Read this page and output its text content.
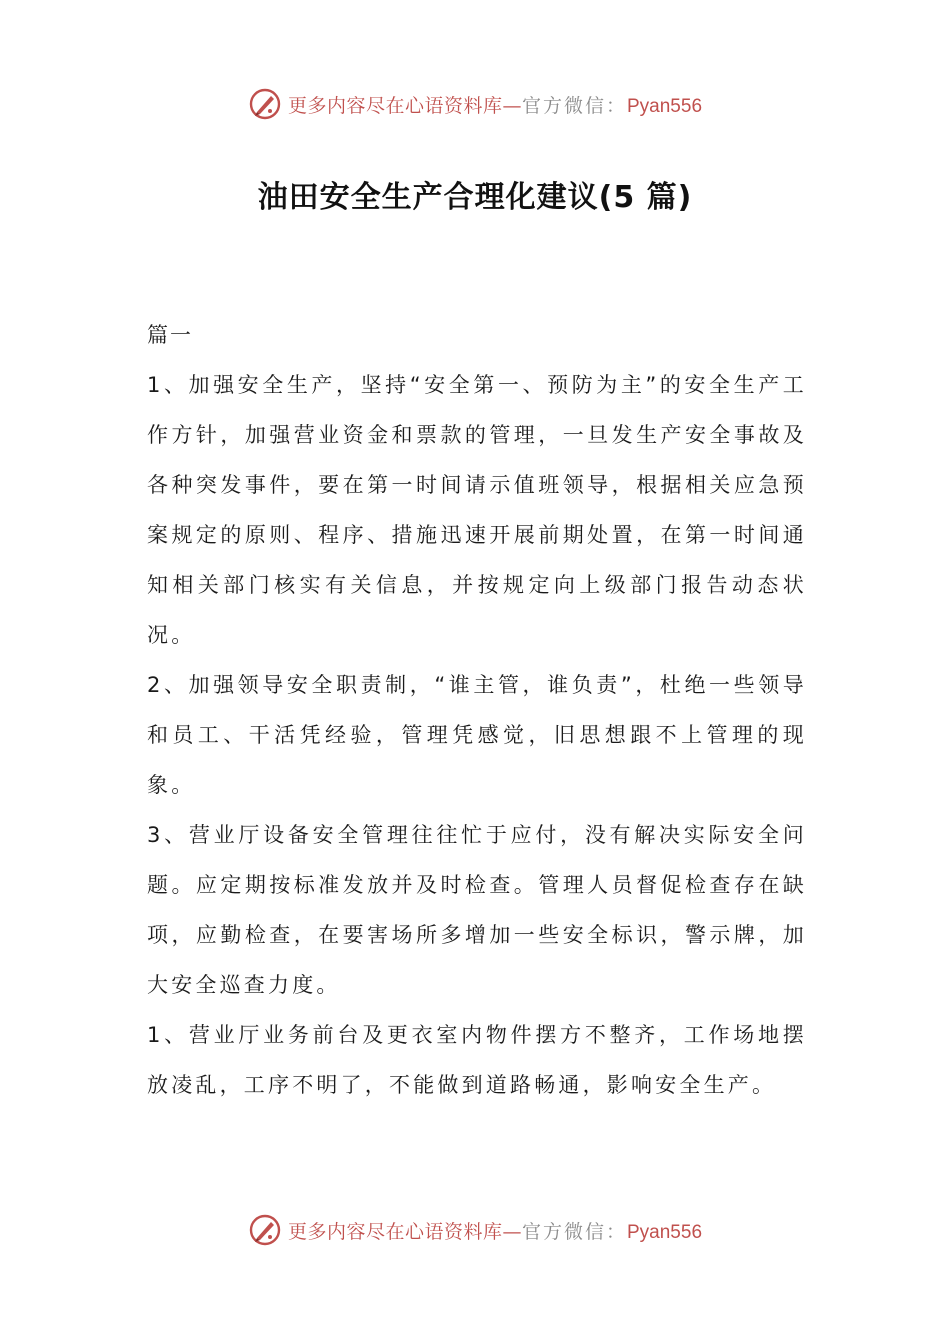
更多内容尽在心语资料库—官方微信：Pyan556
油田安全生产合理化建议(5 篇)

篇一

1、加强安全生产，坚持“安全第一、预防为主”的安全生产工作方针，加强营业资金和票款的管理，一旦发生产安全事故及各种突发事件，要在第一时间请示值班领导，根据相关应急预案规定的原则、程序、措施迅速开展前期处置，在第一时间通知相关部门核实有关信息，并按规定向上级部门报告动态状况。

2、加强领导安全职责制，“谁主管，谁负责”，杜绝一些领导和员工、干活凭经验，管理凭感觉，旧思想跟不上管理的现象。

3、营业厅设备安全管理往往忙于应付，没有解决实际安全问题。应定期按标准发放并及时检查。管理人员督促检查存在缺项，应勤检查，在要害场所多增加一些安全标识，警示牌，加大安全巡查力度。

1、营业厅业务前台及更衣室内物件摆方不整齐，工作场地摆放凌乱，工序不明了，不能做到道路畅通，影响安全生产。

更多内容尽在心语资料库—官方微信：Pyan556
